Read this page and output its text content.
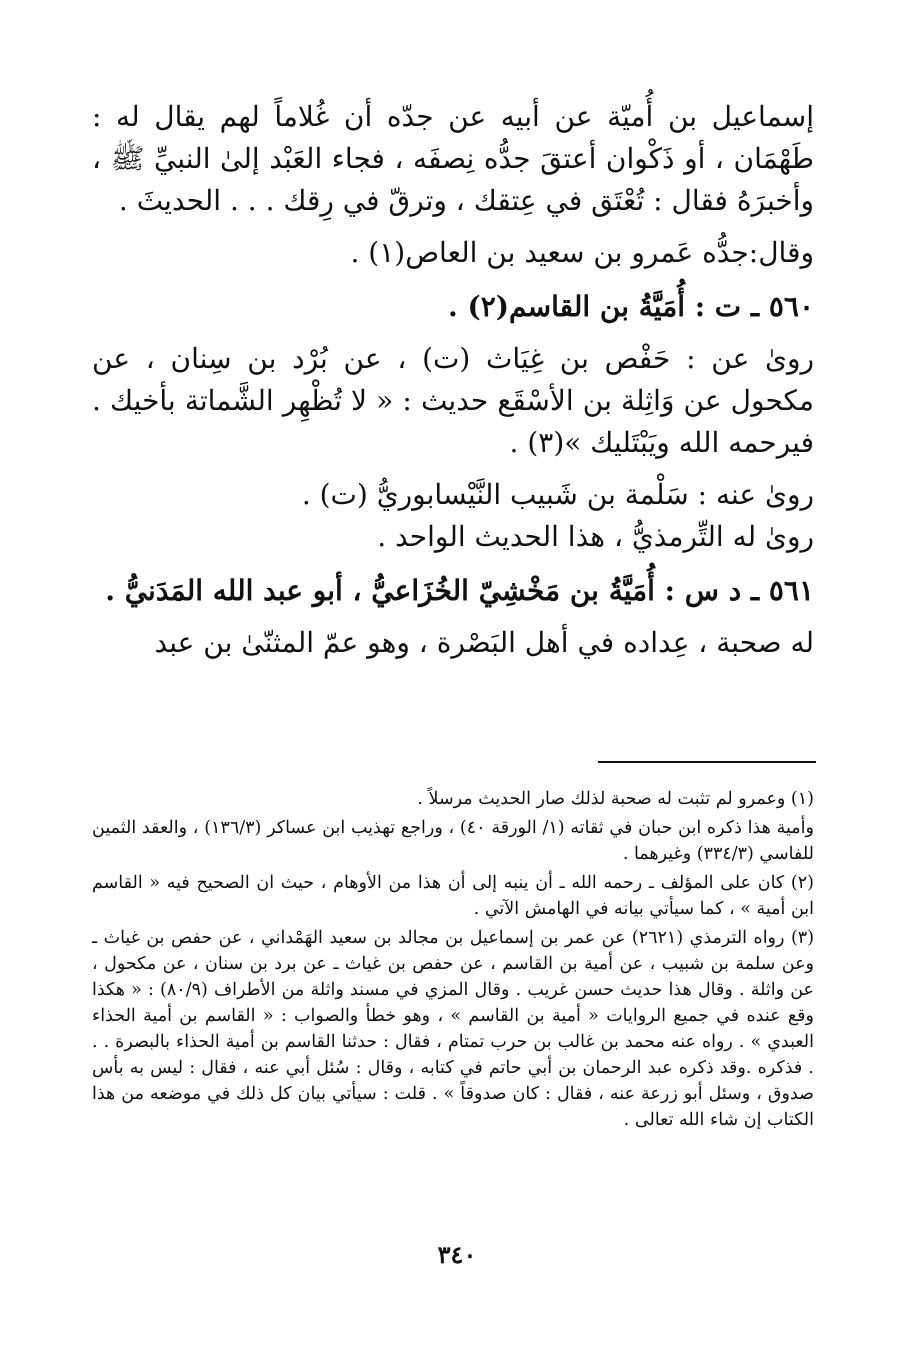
إسماعيل بن أُميّة عن أبيه عن جدّه أن غُلاماً لهم يقال له : طَهْمَان ، أو ذَكْوان أعتقَ جدُّه نِصفَه ، فجاء العَبْد إلىٰ النبيِّ ﷺ ، وأخبرَهُ فقال : تُعْتَق في عِتقك ، وترقّ في رِقك . . . الحديثَ .

وقال:جدُّه عَمرو بن سعيد بن العاص(١) .

٥٦٠ ـ ت : أُمَيَّةُ بن القاسم(٢) .

روىٰ عن : حَفْص بن غِيَاث (ت) ، عن بُرْد بن سِنان ، عن مكحول عن وَاثِلة بن الأسْقَع حديث : « لا تُظْهِر الشَّماتة بأخيك . فيرحمه الله ويَبْتَليك »(٣) .

روىٰ عنه : سَلْمة بن شَبيب النَّيْسابوريُّ (ت) .

روىٰ له التِّرمذيُّ ، هذا الحديث الواحد .

٥٦١ ـ د س : أُمَيَّةُ بن مَخْشِيّ الخُزَاعيُّ ، أبو عبد الله المَدَنيُّ .

له صحبة ، عِداده في أهل البَصْرة ، وهو عمّ المثنّىٰ بن عبد

(١) وعمرو لم تثبت له صحبة لذلك صار الحديث مرسلاً .

وأمية هذا ذكره ابن حبان في ثقاته (١/ الورقة ٤٠) ، وراجع تهذيب ابن عساكر (١٣٦/٣) ، والعقد الثمين للفاسي (٣٣٤/٣) وغيرهما .

(٢) كان على المؤلف ـ رحمه الله ـ أن ينبه إلى أن هذا من الأوهام ، حيث ان الصحيح فيه « القاسم ابن أمية » ، كما سيأتي بيانه في الهامش الآتي .

(٣) رواه الترمذي (٢٦٢١) عن عمر بن إسماعيل بن مجالد بن سعيد الهَمْداني ، عن حفص بن غياث ـ وعن سلمة بن شبيب ، عن أمية بن القاسم ، عن حفص بن غياث ـ عن برد بن سنان ، عن مكحول ، عن واثلة . وقال هذا حديث حسن غريب . وقال المزي في مسند واثلة من الأطراف (٨٠/٩) : « هكذا وقع عنده في جميع الروايات « أمية بن القاسم » ، وهو خطأ والصواب : « القاسم بن أمية الحذاء العبدي » . رواه عنه محمد بن غالب بن حرب تمتام ، فقال : حدثنا القاسم بن أمية الحذاء بالبصرة . . . فذكره .وقد ذكره عبد الرحمان بن أبي حاتم في كتابه ، وقال : سُئل أبي عنه ، فقال : ليس به بأس صدوق ، وسئل أبو زرعة عنه ، فقال : كان صدوقاً » . قلت : سيأتي بيان كل ذلك في موضعه من هذا الكتاب إن شاء الله تعالى .

٣٤٠
